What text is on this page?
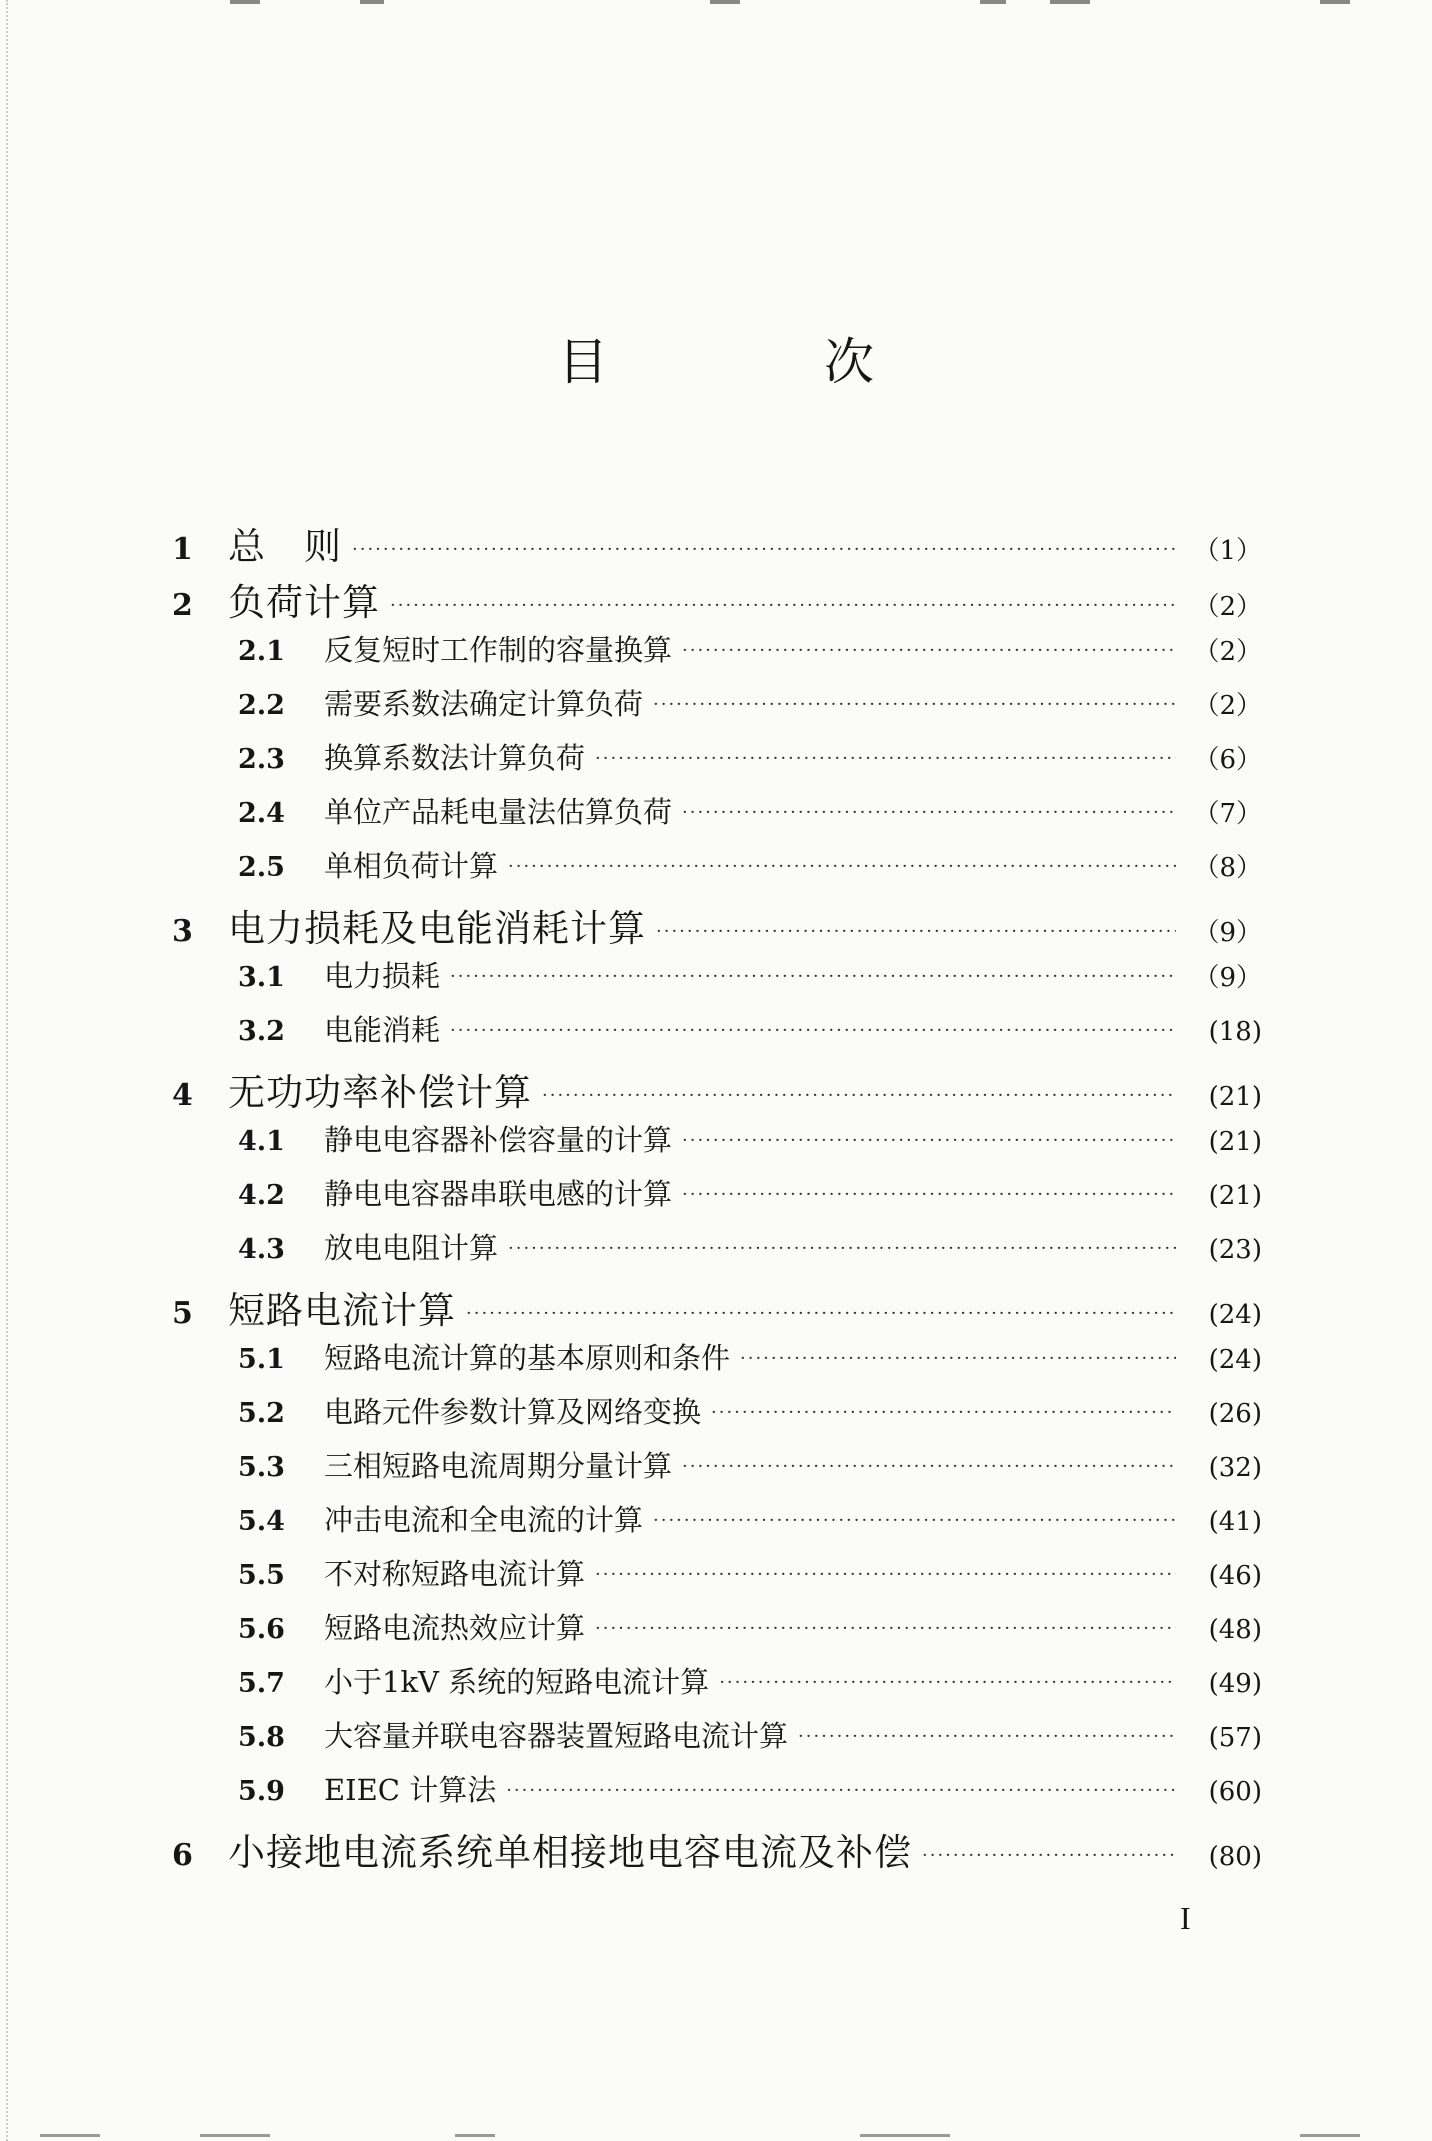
目 次
1 总　则 ·····	（1）
2 负荷计算 ·····	（2）
2.1	反复短时工作制的容量换算 ·····	（2）
2.2	需要系数法确定计算负荷 ·····	（2）
2.3	换算系数法计算负荷 ·····	（6）
2.4	单位产品耗电量法估算负荷 ·····	（7）
2.5	单相负荷计算 ·····	（8）
3 电力损耗及电能消耗计算 ·····	（9）
3.1	电力损耗 ·····	（9）
3.2	电能消耗 ·····	(18)
4 无功功率补偿计算 ·····	(21)
4.1	静电电容器补偿容量的计算 ·····	(21)
4.2	静电电容器串联电感的计算 ·····	(21)
4.3	放电电阻计算 ·····	(23)
5 短路电流计算 ·····	(24)
5.1	短路电流计算的基本原则和条件 ·····	(24)
5.2	电路元件参数计算及网络变换 ·····	(26)
5.3	三相短路电流周期分量计算 ·····	(32)
5.4	冲击电流和全电流的计算 ·····	(41)
5.5	不对称短路电流计算 ·····	(46)
5.6	短路电流热效应计算 ·····	(48)
5.7	小于1kV 系统的短路电流计算 ·····	(49)
5.8	大容量并联电容器装置短路电流计算 ·····	(57)
5.9	EIEC 计算法 ·····	(60)
6 小接地电流系统单相接地电容电流及补偿 ·····	(80)
I
